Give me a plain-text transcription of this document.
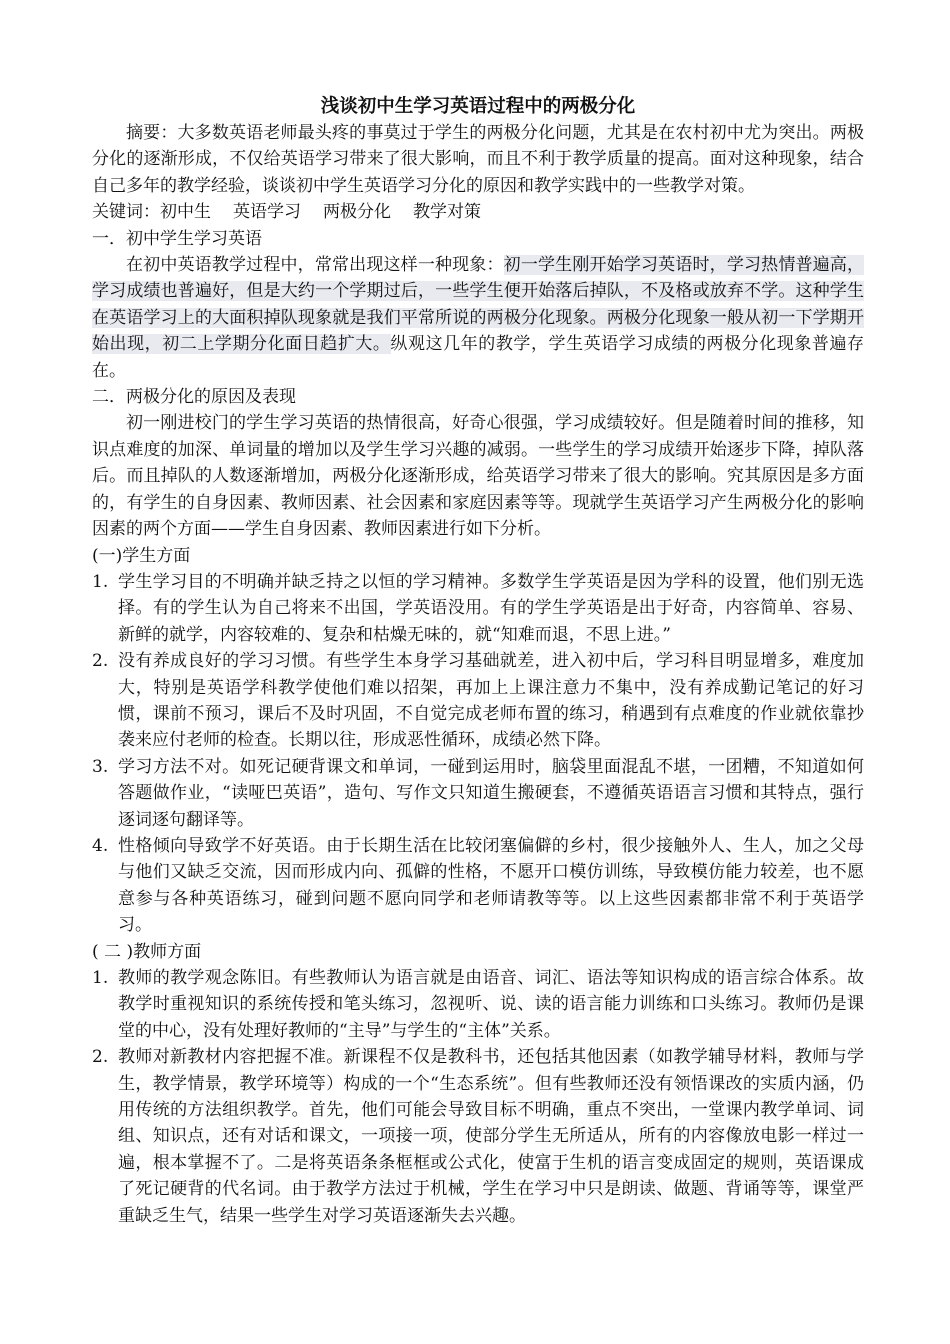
浅谈初中生学习英语过程中的两极分化

摘要：大多数英语老师最头疼的事莫过于学生的两极分化问题，尤其是在农村初中尤为突出。两极分化的逐渐形成，不仅给英语学习带来了很大影响，而且不利于教学质量的提高。面对这种现象，结合自己多年的教学经验，谈谈初中学生英语学习分化的原因和教学实践中的一些教学对策。

关键词：初中生 英语学习 两极分化 教学对策

一．初中学生学习英语

在初中英语教学过程中，常常出现这样一种现象：初一学生刚开始学习英语时，学习热情普遍高，学习成绩也普遍好，但是大约一个学期过后，一些学生便开始落后掉队，不及格或放弃不学。这种学生在英语学习上的大面积掉队现象就是我们平常所说的两极分化现象。两极分化现象一般从初一下学期开始出现，初二上学期分化面日趋扩大。纵观这几年的教学，学生英语学习成绩的两极分化现象普遍存在。

二．两极分化的原因及表现

初一刚进校门的学生学习英语的热情很高，好奇心很强，学习成绩较好。但是随着时间的推移，知识点难度的加深、单词量的增加以及学生学习兴趣的减弱。一些学生的学习成绩开始逐步下降，掉队落后。而且掉队的人数逐渐增加，两极分化逐渐形成，给英语学习带来了很大的影响。究其原因是多方面的，有学生的自身因素、教师因素、社会因素和家庭因素等等。现就学生英语学习产生两极分化的影响因素的两个方面——学生自身因素、教师因素进行如下分析。

(一)学生方面

1. 学生学习目的不明确并缺乏持之以恒的学习精神。多数学生学英语是因为学科的设置，他们别无选择。有的学生认为自己将来不出国，学英语没用。有的学生学英语是出于好奇，内容简单、容易、新鲜的就学，内容较难的、复杂和枯燥无味的，就“知难而退，不思上进。”
2. 没有养成良好的学习习惯。有些学生本身学习基础就差，进入初中后，学习科目明显增多，难度加大，特别是英语学科教学使他们难以招架，再加上上课注意力不集中，没有养成勤记笔记的好习惯，课前不预习，课后不及时巩固，不自觉完成老师布置的练习，稍遇到有点难度的作业就依靠抄袭来应付老师的检查。长期以往，形成恶性循环，成绩必然下降。
3. 学习方法不对。如死记硬背课文和单词，一碰到运用时，脑袋里面混乱不堪，一团糟，不知道如何答题做作业，“读哑巴英语”，造句、写作文只知道生搬硬套，不遵循英语语言习惯和其特点，强行逐词逐句翻译等。
4. 性格倾向导致学不好英语。由于长期生活在比较闭塞偏僻的乡村，很少接触外人、生人，加之父母与他们又缺乏交流，因而形成内向、孤僻的性格，不愿开口模仿训练，导致模仿能力较差，也不愿意参与各种英语练习，碰到问题不愿向同学和老师请教等等。以上这些因素都非常不利于英语学习。

( 二 )教师方面

1. 教师的教学观念陈旧。有些教师认为语言就是由语音、词汇、语法等知识构成的语言综合体系。故教学时重视知识的系统传授和笔头练习，忽视听、说、读的语言能力训练和口头练习。教师仍是课堂的中心，没有处理好教师的“主导”与学生的“主体”关系。
2. 教师对新教材内容把握不准。新课程不仅是教科书，还包括其他因素（如教学辅导材料，教师与学生，教学情景，教学环境等）构成的一个“生态系统”。但有些教师还没有领悟课改的实质内涵，仍用传统的方法组织教学。首先，他们可能会导致目标不明确，重点不突出，一堂课内教学单词、词组、知识点，还有对话和课文，一项接一项，使部分学生无所适从，所有的内容像放电影一样过一遍，根本掌握不了。二是将英语条条框框或公式化，使富于生机的语言变成固定的规则，英语课成了死记硬背的代名词。由于教学方法过于机械，学生在学习中只是朗读、做题、背诵等等，课堂严重缺乏生气，结果一些学生对学习英语逐渐失去兴趣。
